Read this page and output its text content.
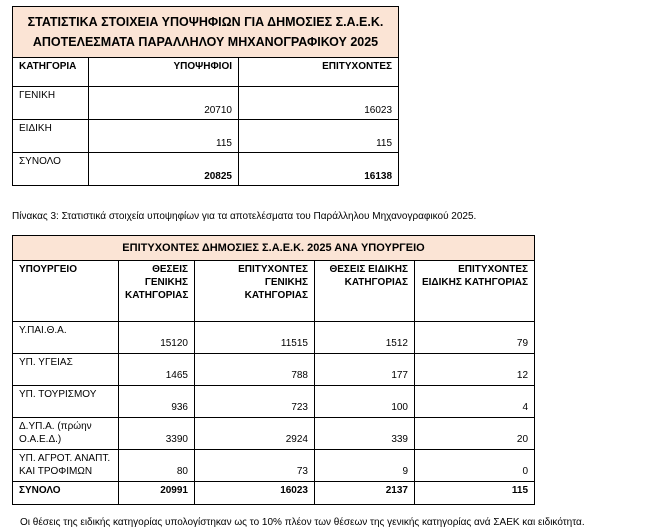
ΣΤΑΤΙΣΤΙΚΑ ΣΤΟΙΧΕΙΑ ΥΠΟΨΗΦΙΩΝ ΓΙΑ ΔΗΜΟΣΙΕΣ Σ.Α.Ε.Κ.
ΑΠΟΤΕΛΕΣΜΑΤΑ ΠΑΡΑΛΛΗΛΟΥ ΜΗΧΑΝΟΓΡΑΦΙΚΟΥ 2025		

ΚΑΤΗΓΟΡΙΑ	ΥΠΟΨΗΦΙΟΙ	ΕΠΙΤΥΧΟΝΤΕΣ
ΓΕΝΙΚΗ	20710	16023
ΕΙΔΙΚΗ	115	115
ΣΥΝΟΛΟ	20825	16138
Πίνακας 3: Στατιστικά στοιχεία υποψηφίων για τα αποτελέσματα του Παράλληλου Μηχανογραφικού 2025.
ΕΠΙΤΥΧΟΝΤΕΣ ΔΗΜΟΣΙΕΣ Σ.Α.Ε.Κ. 2025 ΑΝΑ ΥΠΟΥΡΓΕΙΟ				
ΥΠΟΥΡΓΕΙΟ	ΘΕΣΕΙΣ ΓΕΝΙΚΗΣ ΚΑΤΗΓΟΡΙΑΣ	ΕΠΙΤΥΧΟΝΤΕΣ ΓΕΝΙΚΗΣ ΚΑΤΗΓΟΡΙΑΣ	ΘΕΣΕΙΣ ΕΙΔΙΚΗΣ ΚΑΤΗΓΟΡΙΑΣ	ΕΠΙΤΥΧΟΝΤΕΣ ΕΙΔΙΚΗΣ ΚΑΤΗΓΟΡΙΑΣ
Υ.ΠΑΙ.Θ.Α.	15120	11515	1512	79
ΥΠ. ΥΓΕΙΑΣ	1465	788	177	12
ΥΠ. ΤΟΥΡΙΣΜΟΥ	936	723	100	4
Δ.ΥΠ.Α. (πρώην Ο.Α.Ε.Δ.)	3390	2924	339	20
ΥΠ. ΑΓΡΟΤ. ΑΝΑΠΤ. ΚΑΙ ΤΡΟΦΙΜΩΝ	80	73	9	0
ΣΥΝΟΛΟ	20991	16023	2137	115
Οι θέσεις της ειδικής κατηγορίας υπολογίστηκαν ως το 10% πλέον των θέσεων της γενικής κατηγορίας ανά ΣΑΕΚ και ειδικότητα.
